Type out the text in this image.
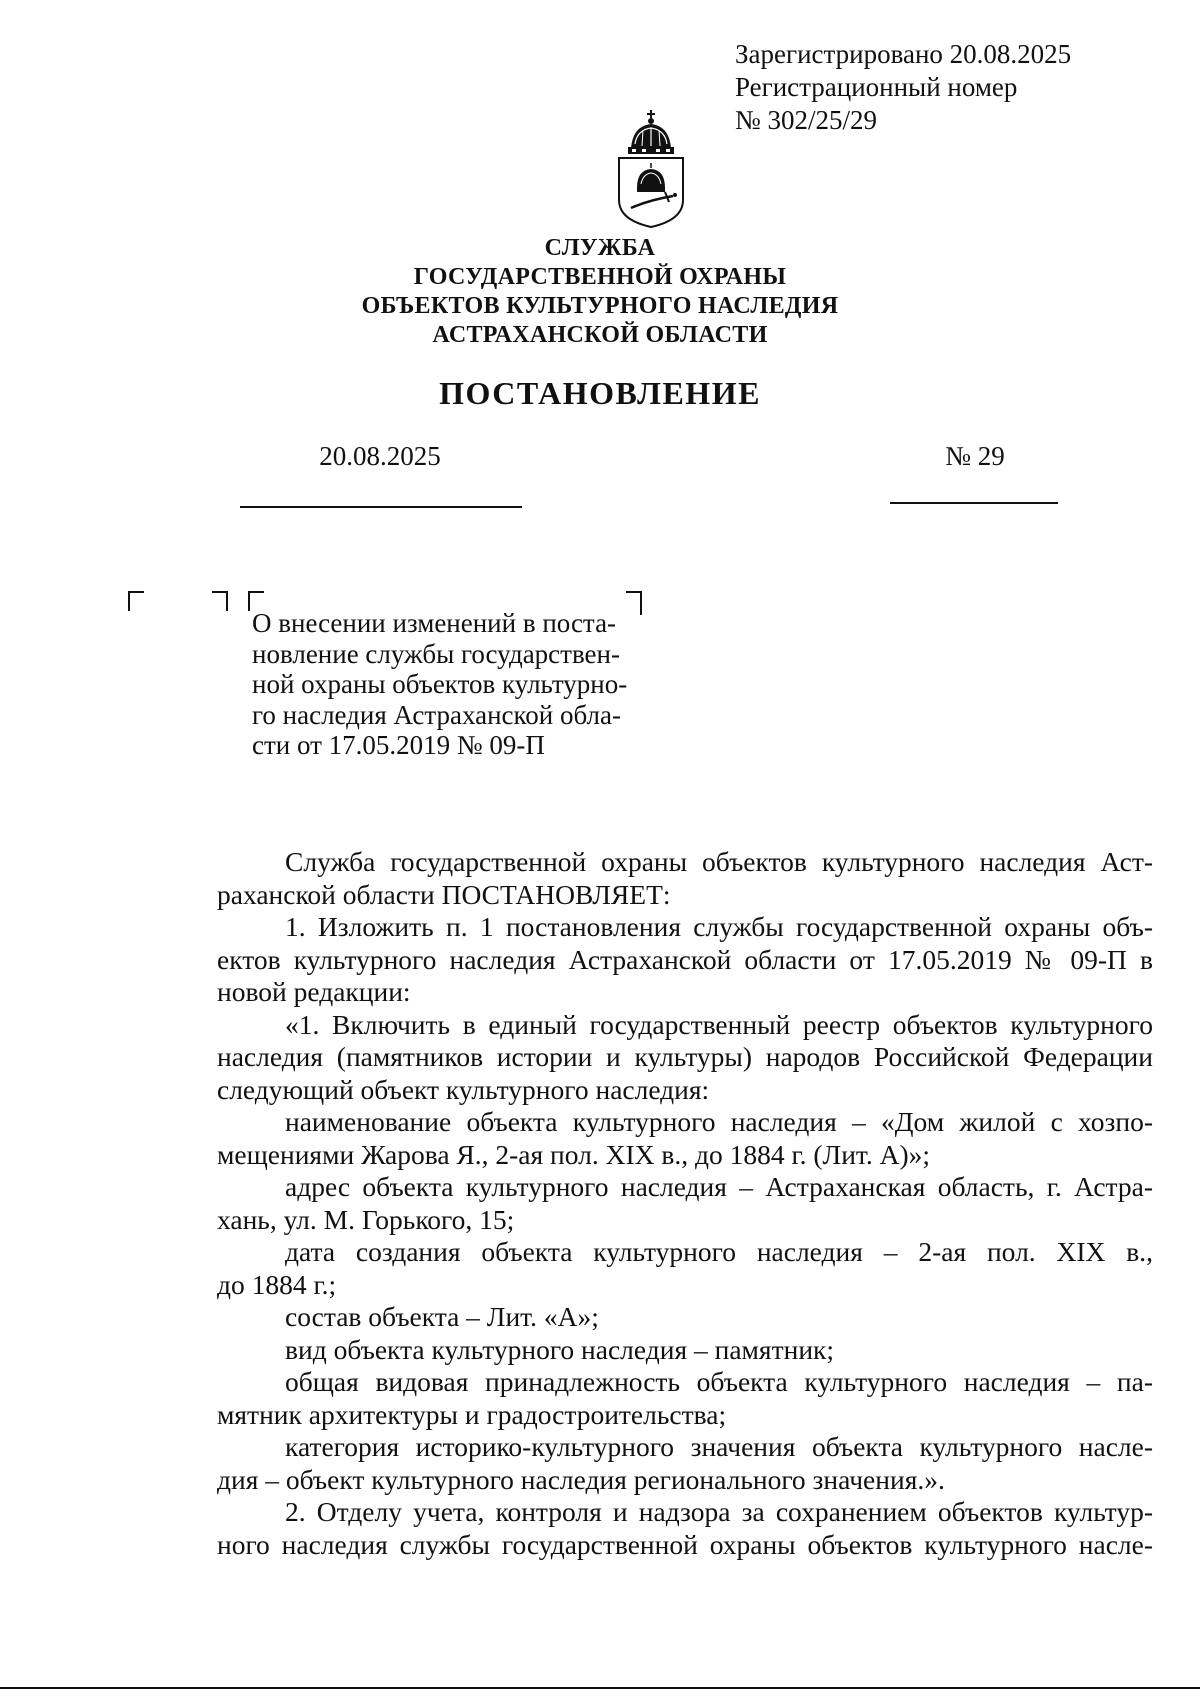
Зарегистрировано 20.08.2025
Регистрационный номер
№ 302/25/29
СЛУЖБА
ГОСУДАРСТВЕННОЙ ОХРАНЫ
ОБЪЕКТОВ КУЛЬТУРНОГО НАСЛЕДИЯ
АСТРАХАНСКОЙ ОБЛАСТИ
ПОСТАНОВЛЕНИЕ
20.08.2025	№ 29
О внесении изменений в поста-
новление службы государствен-
ной охраны объектов культурно-
го наследия Астраханской обла-
сти от 17.05.2019 № 09-П
Служба государственной охраны объектов культурного наследия Аст-
раханской области ПОСТАНОВЛЯЕТ:
1. Изложить п. 1 постановления службы государственной охраны объ-
ектов культурного наследия Астраханской области от 17.05.2019 № 09-П в
новой редакции:
«1. Включить в единый государственный реестр объектов культурного
наследия (памятников истории и культуры) народов Российской Федерации
следующий объект культурного наследия:
наименование объекта культурного наследия – «Дом жилой с хозпо-
мещениями Жарова Я., 2-ая пол. XIX в., до 1884 г. (Лит. А)»;
адрес объекта культурного наследия – Астраханская область, г. Астра-
хань, ул. М. Горького, 15;
дата создания объекта культурного наследия – 2-ая пол. XIX в.,
до 1884 г.;
состав объекта – Лит. «А»;
вид объекта культурного наследия – памятник;
общая видовая принадлежность объекта культурного наследия – па-
мятник архитектуры и градостроительства;
категория историко-культурного значения объекта культурного насле-
дия – объект культурного наследия регионального значения.».
2. Отделу учета, контроля и надзора за сохранением объектов культур-
ного наследия службы государственной охраны объектов культурного насле-
